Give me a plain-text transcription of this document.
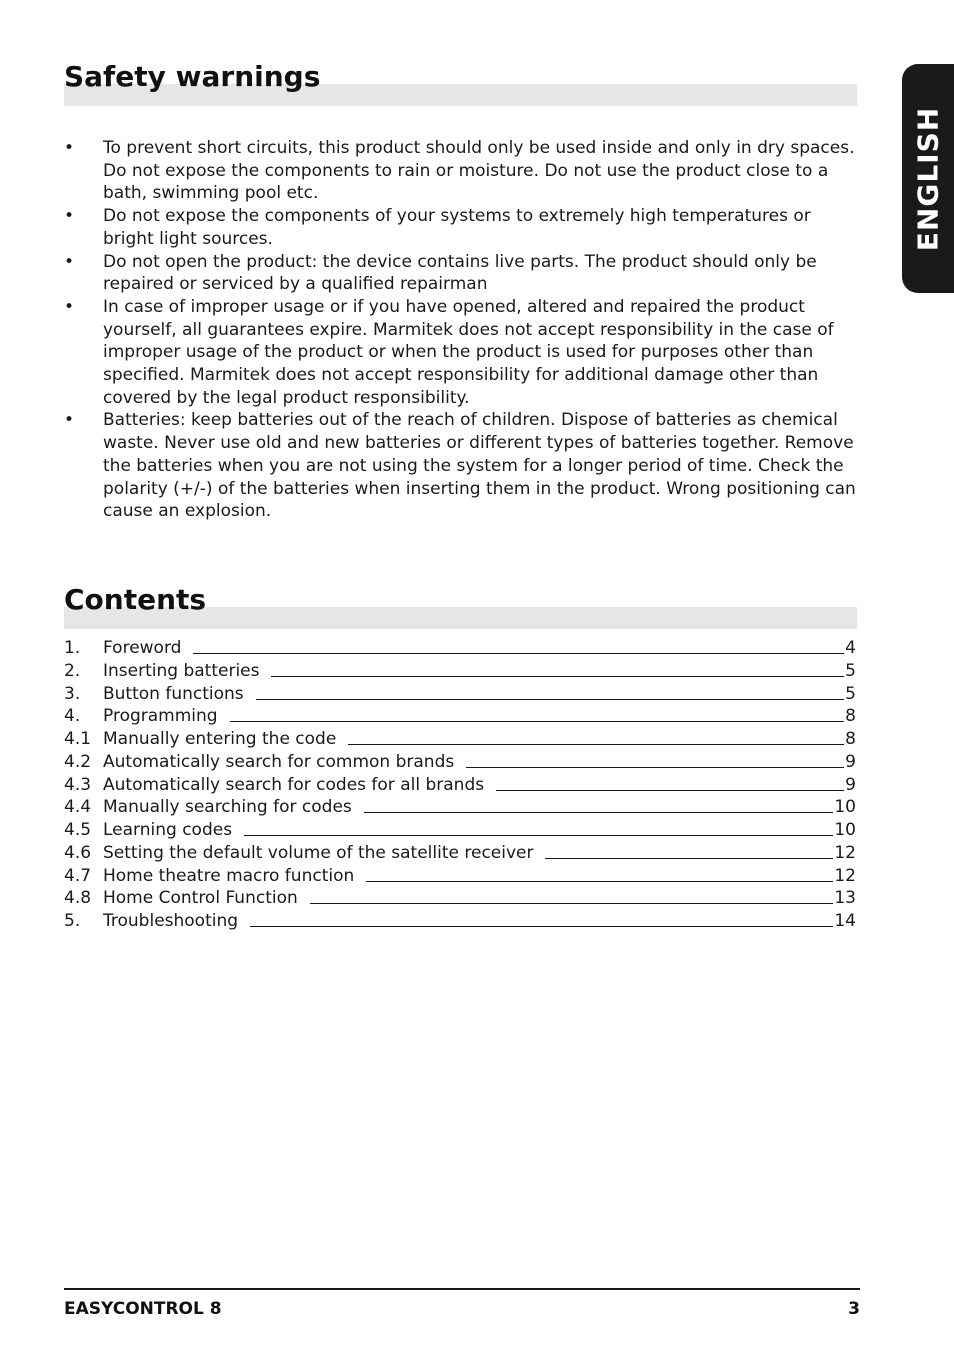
Safety warnings
• To prevent short circuits, this product should only be used inside and only in dry spaces. Do not expose the components to rain or moisture. Do not use the product close to a bath, swimming pool etc.
• Do not expose the components of your systems to extremely high temperatures or bright light sources.
• Do not open the product: the device contains live parts. The product should only be repaired or serviced by a qualified repairman
• In case of improper usage or if you have opened, altered and repaired the product yourself, all guarantees expire. Marmitek does not accept responsibility in the case of improper usage of the product or when the product is used for purposes other than specified. Marmitek does not accept responsibility for additional damage other than covered by the legal product responsibility.
• Batteries: keep batteries out of the reach of children. Dispose of batteries as chemical waste. Never use old and new batteries or different types of batteries together. Remove the batteries when you are not using the system for a longer period of time. Check the polarity (+/-) of the batteries when inserting them in the product. Wrong positioning can cause an explosion.
Contents
1.	Foreword	4
2.	Inserting batteries	5
3.	Button functions	5
4.	Programming	8
4.1 Manually entering the code	8
4.2 Automatically search for common brands	9
4.3 Automatically search for codes for all brands	9
4.4 Manually searching for codes	10
4.5 Learning codes	10
4.6 Setting the default volume of the satellite receiver	12
4.7 Home theatre macro function	12
4.8 Home Control Function	13
5.	Troubleshooting	14
ENGLISH
EASYCONTROL 8	3
